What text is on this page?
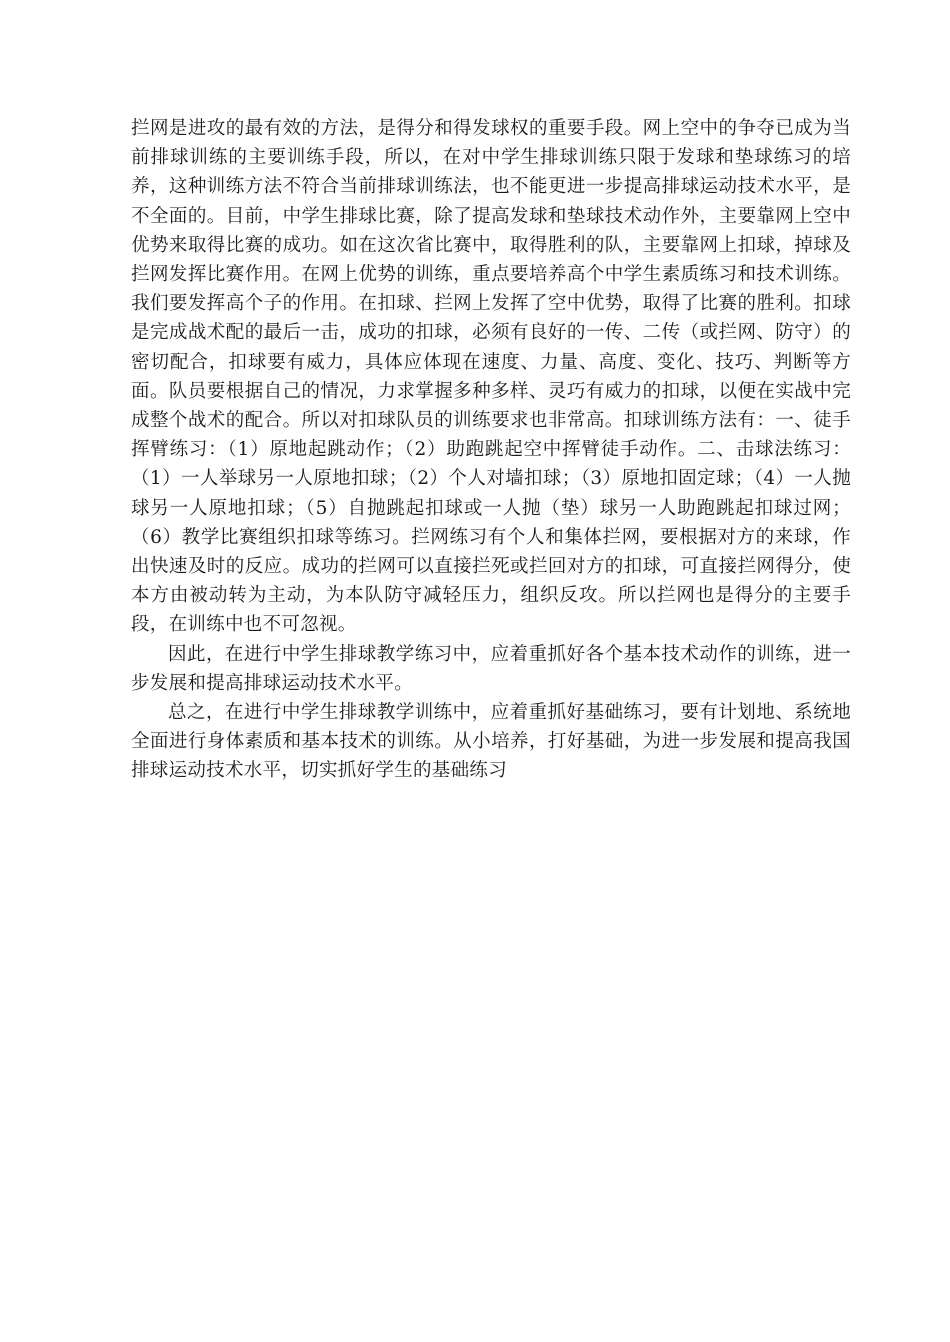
拦网是进攻的最有效的方法，是得分和得发球权的重要手段。网上空中的争夺已成为当前排球训练的主要训练手段，所以，在对中学生排球训练只限于发球和垫球练习的培养，这种训练方法不符合当前排球训练法，也不能更进一步提高排球运动技术水平，是不全面的。目前，中学生排球比赛，除了提高发球和垫球技术动作外，主要靠网上空中优势来取得比赛的成功。如在这次省比赛中，取得胜利的队，主要靠网上扣球，掉球及拦网发挥比赛作用。在网上优势的训练，重点要培养高个中学生素质练习和技术训练。我们要发挥高个子的作用。在扣球、拦网上发挥了空中优势，取得了比赛的胜利。扣球是完成战术配的最后一击，成功的扣球，必须有良好的一传、二传（或拦网、防守）的密切配合，扣球要有威力，具体应体现在速度、力量、高度、变化、技巧、判断等方面。队员要根据自己的情况，力求掌握多种多样、灵巧有威力的扣球，以便在实战中完成整个战术的配合。所以对扣球队员的训练要求也非常高。扣球训练方法有：一、徒手挥臂练习：（1）原地起跳动作；（2）助跑跳起空中挥臂徒手动作。二、击球法练习：（1）一人举球另一人原地扣球；（2）个人对墙扣球；（3）原地扣固定球；（4）一人抛球另一人原地扣球；（5）自抛跳起扣球或一人抛（垫）球另一人助跑跳起扣球过网；（6）教学比赛组织扣球等练习。拦网练习有个人和集体拦网，要根据对方的来球，作出快速及时的反应。成功的拦网可以直接拦死或拦回对方的扣球，可直接拦网得分，使本方由被动转为主动，为本队防守减轻压力，组织反攻。所以拦网也是得分的主要手段，在训练中也不可忽视。

因此，在进行中学生排球教学练习中，应着重抓好各个基本技术动作的训练，进一步发展和提高排球运动技术水平。

总之，在进行中学生排球教学训练中，应着重抓好基础练习，要有计划地、系统地全面进行身体素质和基本技术的训练。从小培养，打好基础，为进一步发展和提高我国排球运动技术水平，切实抓好学生的基础练习
